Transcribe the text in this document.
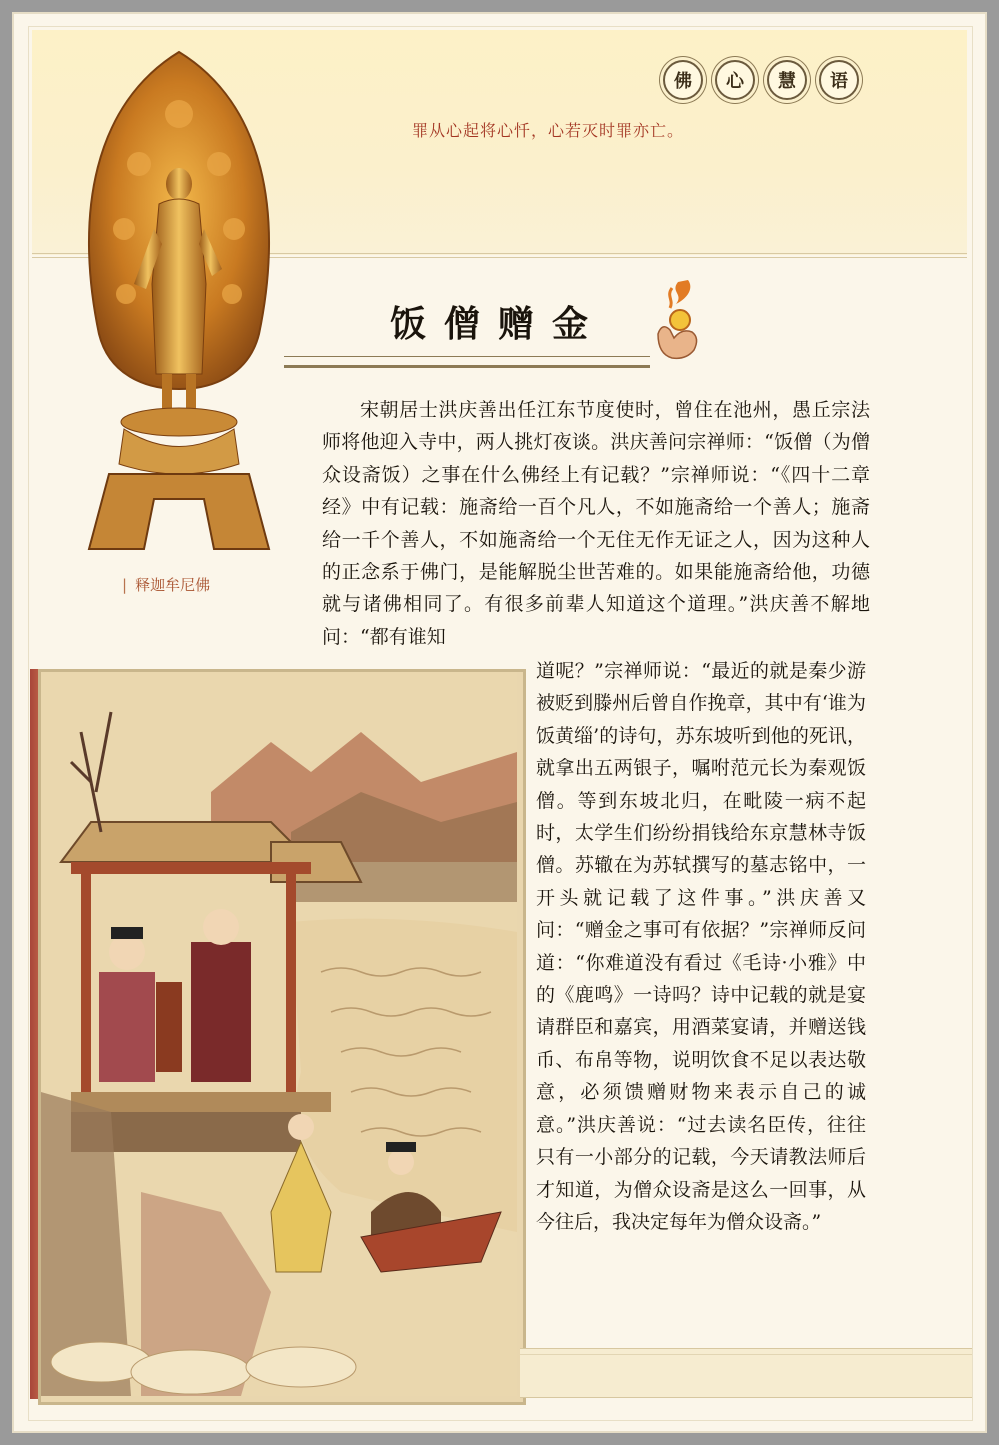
佛	心	慧	语
罪从心起将心忏，心若灭时罪亦亡。
| 释迦牟尼佛
饭僧赠金

宋朝居士洪庆善出任江东节度使时，曾住在池州，愚丘宗法师将他迎入寺中，两人挑灯夜谈。洪庆善问宗禅师：“饭僧（为僧众设斋饭）之事在什么佛经上有记载？”宗禅师说：“《四十二章经》中有记载：施斋给一百个凡人，不如施斋给一个善人；施斋给一千个善人，不如施斋给一个无住无作无证之人，因为这种人的正念系于佛门，是能解脱尘世苦难的。如果能施斋给他，功德就与诸佛相同了。有很多前辈人知道这个道理。”洪庆善不解地问：“都有谁知

道呢？”宗禅师说：“最近的就是秦少游被贬到滕州后曾自作挽章，其中有‘谁为饭黄缁’的诗句，苏东坡听到他的死讯，就拿出五两银子，嘱咐范元长为秦观饭僧。等到东坡北归，在毗陵一病不起时，太学生们纷纷捐钱给东京慧林寺饭僧。苏辙在为苏轼撰写的墓志铭中，一开头就记载了这件事。”洪庆善又问：“赠金之事可有依据？”宗禅师反问道：“你难道没有看过《毛诗·小雅》中的《鹿鸣》一诗吗？诗中记载的就是宴请群臣和嘉宾，用酒菜宴请，并赠送钱币、布帛等物，说明饮食不足以表达敬意，必须馈赠财物来表示自己的诚意。”洪庆善说：“过去读名臣传，往往只有一小部分的记载，今天请教法师后才知道，为僧众设斋是这么一回事，从今往后，我决定每年为僧众设斋。”
